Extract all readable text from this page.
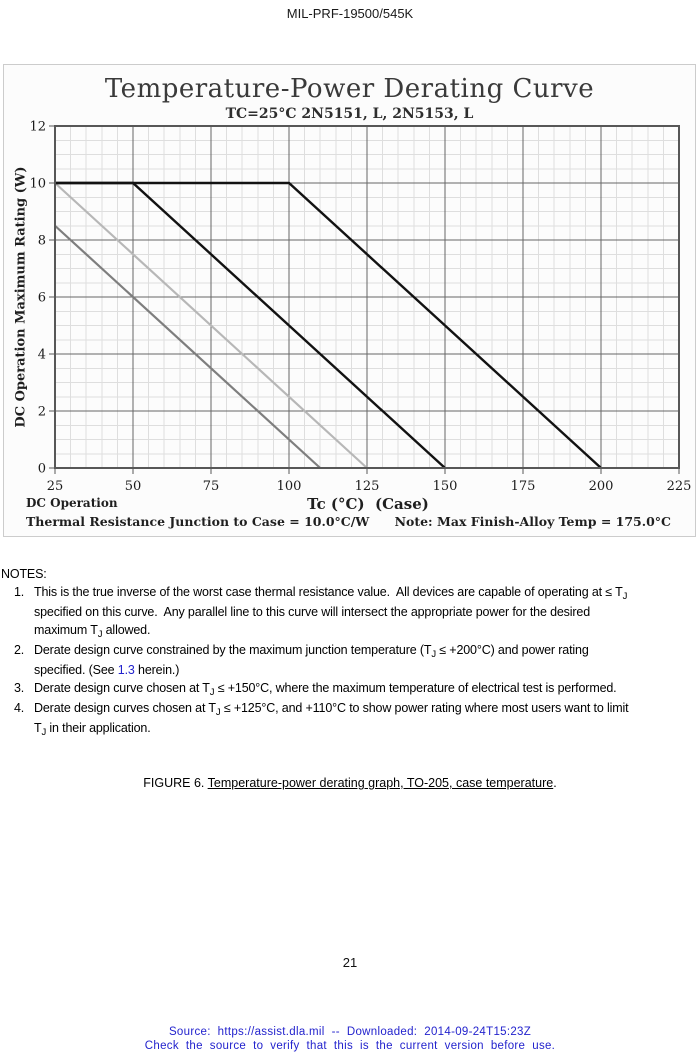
MIL-PRF-19500/545K
Temperature-Power Derating Curve
TC=25°C 2N5151, L, 2N5153, L
DC Operation Maximum Rating (W)
25	50	75	100	125	150	175	200	225
0
2
4
6
8
10
12
Tc (°C)  (Case)
DC Operation
Thermal Resistance Junction to Case = 10.0°C/W Note: Max Finish-Alloy Temp = 175.0°C
NOTES:
1. This is the true inverse of the worst case thermal resistance value.  All devices are capable of operating at ≤ $T_J$
specified on this curve.  Any parallel line to this curve will intersect the appropriate power for the desired
maximum $T_J$ allowed.
2. Derate design curve constrained by the maximum junction temperature $(T_J \le +200^\circ C)$ and power rating
specified. (See 1.3 herein.)
3. Derate design curve chosen at $T_J \le +150^\circ C$, where the maximum temperature of electrical test is performed.
4. Derate design curves chosen at $T_J \le +125^\circ C$, and +110°C to show power rating where most users want to limit
$T_J$ in their application.
FIGURE 6. Temperature-power derating graph, TO-205, case temperature.
21
Source: https://assist.dla.mil -- Downloaded: 2014-09-24T15:23Z
Check the source to verify that this is the current version before use.
